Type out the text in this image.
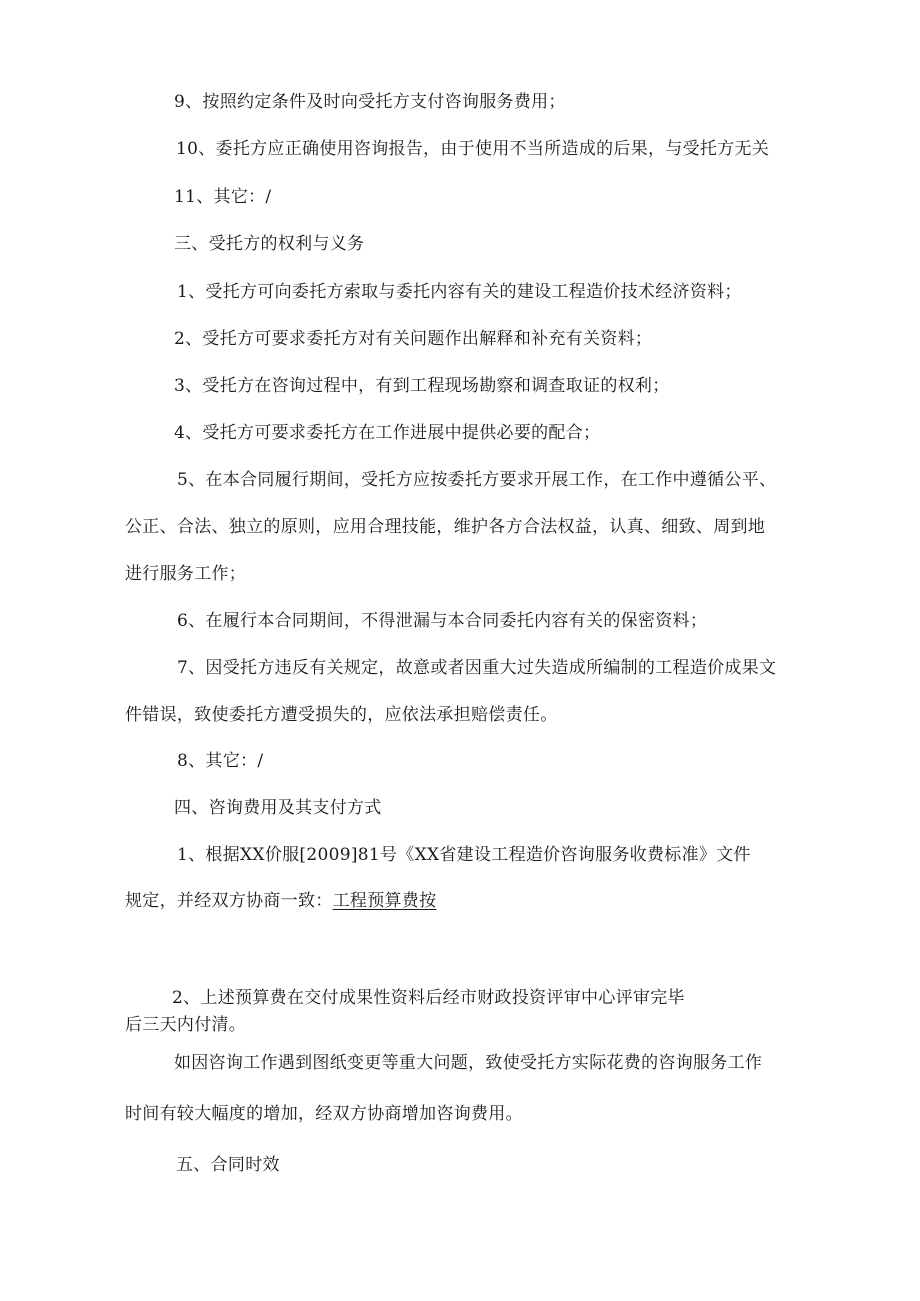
9、按照约定条件及时向受托方支付咨询服务费用；
10、委托方应正确使用咨询报告，由于使用不当所造成的后果，与受托方无关
11、其它：/
三、受托方的权利与义务
1、受托方可向委托方索取与委托内容有关的建设工程造价技术经济资料；
2、受托方可要求委托方对有关问题作出解释和补充有关资料；
3、受托方在咨询过程中，有到工程现场勘察和调查取证的权利；
4、受托方可要求委托方在工作进展中提供必要的配合；
5、在本合同履行期间，受托方应按委托方要求开展工作，在工作中遵循公平、
公正、合法、独立的原则，应用合理技能，维护各方合法权益，认真、细致、周到地
进行服务工作；
6、在履行本合同期间，不得泄漏与本合同委托内容有关的保密资料；
7、因受托方违反有关规定，故意或者因重大过失造成所编制的工程造价成果文
件错误，致使委托方遭受损失的，应依法承担赔偿责任。
8、其它：/
四、咨询费用及其支付方式
1、根据XX价服[2009]81号《XX省建设工程造价咨询服务收费标准》文件
规定，并经双方协商一致：工程预算费按
2、上述预算费在交付成果性资料后经市财政投资评审中心评审完毕
后三天内付清。
如因咨询工作遇到图纸变更等重大问题，致使受托方实际花费的咨询服务工作
时间有较大幅度的增加，经双方协商增加咨询费用。
五、合同时效
